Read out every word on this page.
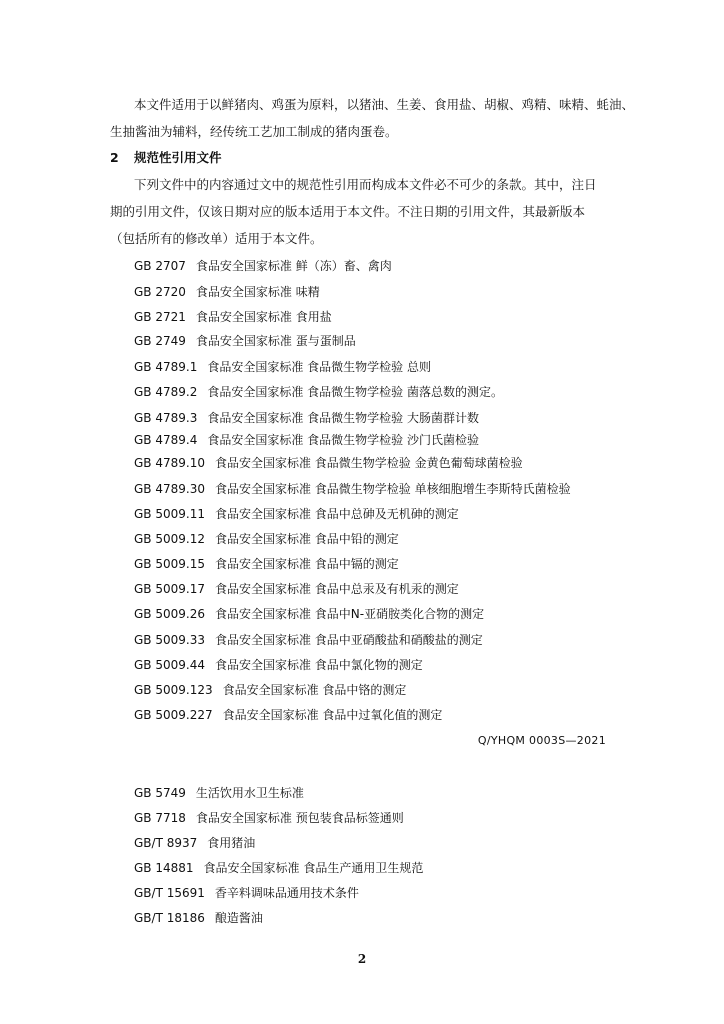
本文件适用于以鲜猪肉、鸡蛋为原料，以猪油、生姜、食用盐、胡椒、鸡精、味精、蚝油、
生抽酱油为辅料，经传统工艺加工制成的猪肉蛋卷。
2 规范性引用文件
下列文件中的内容通过文中的规范性引用而构成本文件必不可少的条款。其中，注日
期的引用文件，仅该日期对应的版本适用于本文件。不注日期的引用文件，其最新版本
（包括所有的修改单）适用于本文件。
GB 2707 食品安全国家标准 鲜（冻）畜、禽肉
GB 2720 食品安全国家标准 味精
GB 2721 食品安全国家标准 食用盐
GB 2749 食品安全国家标准 蛋与蛋制品
GB 4789.1 食品安全国家标准 食品微生物学检验 总则
GB 4789.2 食品安全国家标准 食品微生物学检验 菌落总数的测定。
GB 4789.3 食品安全国家标准 食品微生物学检验 大肠菌群计数
GB 4789.4 食品安全国家标准 食品微生物学检验 沙门氏菌检验
GB 4789.10 食品安全国家标准 食品微生物学检验 金黄色葡萄球菌检验
GB 4789.30 食品安全国家标准 食品微生物学检验 单核细胞增生李斯特氏菌检验
GB 5009.11 食品安全国家标准 食品中总砷及无机砷的测定
GB 5009.12 食品安全国家标准 食品中铅的测定
GB 5009.15 食品安全国家标准 食品中镉的测定
GB 5009.17 食品安全国家标准 食品中总汞及有机汞的测定
GB 5009.26 食品安全国家标准 食品中N-亚硝胺类化合物的测定
GB 5009.33 食品安全国家标准 食品中亚硝酸盐和硝酸盐的测定
GB 5009.44 食品安全国家标准 食品中氯化物的测定
GB 5009.123 食品安全国家标准 食品中铬的测定
GB 5009.227 食品安全国家标准 食品中过氧化值的测定
Q/YHQM 0003S—2021
GB 5749 生活饮用水卫生标准
GB 7718 食品安全国家标准 预包装食品标签通则
GB/T 8937 食用猪油
GB 14881 食品安全国家标准 食品生产通用卫生规范
GB/T 15691 香辛料调味品通用技术条件
GB/T 18186 酿造酱油
2
